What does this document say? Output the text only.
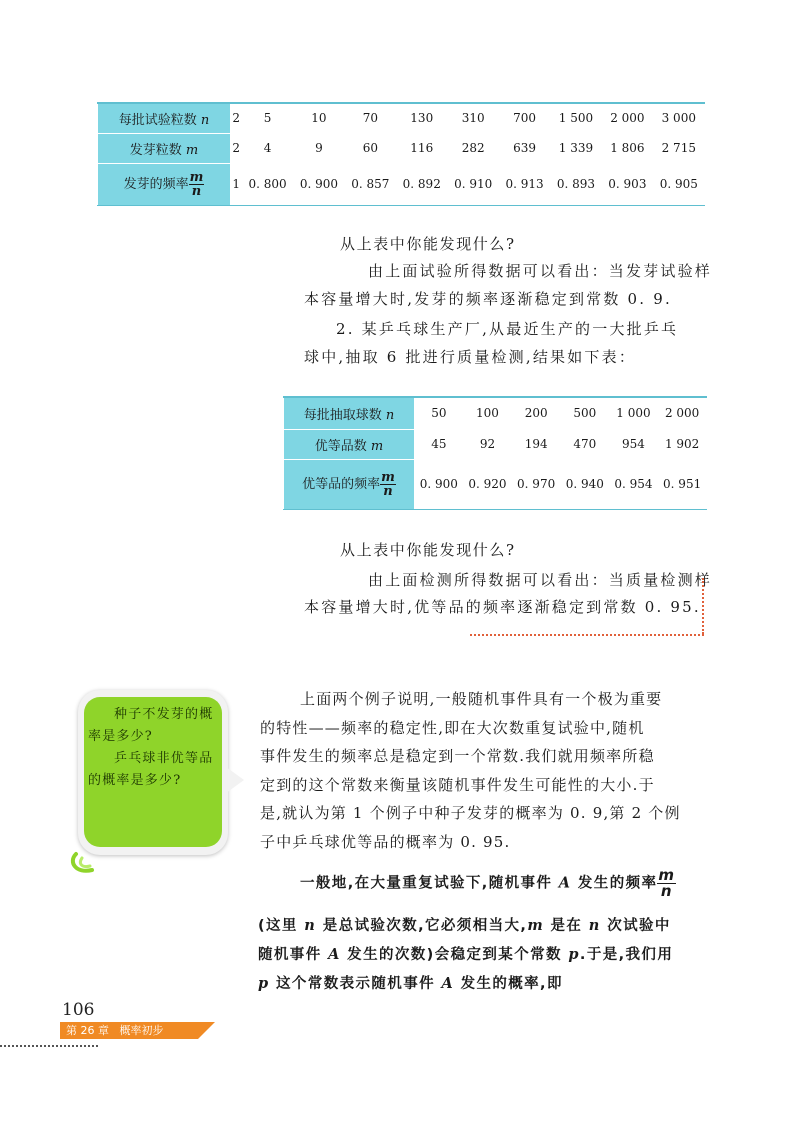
每批试验粒数 n	2	5	10	70	130	310	700	1 500	2 000	3 000
发芽粒数 m	2	4	9	60	116	282	639	1 339	1 806	2 715
发芽的频率 $\frac{m}{n}$	1	0. 800	0. 900	0. 857	0. 892	0. 910	0. 913	0. 893	0. 903	0. 905
从上表中你能发现什么?
由上面试验所得数据可以看出：当发芽试验样
本容量增大时,发芽的频率逐渐稳定到常数 0. 9.
2. 某乒乓球生产厂,从最近生产的一大批乒乓
球中,抽取 6 批进行质量检测,结果如下表：
每批抽取球数 n	50	100	200	500	1 000	2 000
优等品数 m	45	92	194	470	954	1 902
优等品的频率 $\frac{m}{n}$	0. 900	0. 920	0. 970	0. 940	0. 954	0. 951
从上表中你能发现什么?
由上面检测所得数据可以看出：当质量检测样
本容量增大时,优等品的频率逐渐稳定到常数 0. 95.

种子不发芽的概率是多少?

乒乓球非优等品的概率是多少?

上面两个例子说明,一般随机事件具有一个极为重要
的特性——频率的稳定性,即在大次数重复试验中,随机
事件发生的频率总是稳定到一个常数.我们就用频率所稳
定到的这个常数来衡量该随机事件发生可能性的大小.于
是,就认为第 1 个例子中种子发芽的概率为 0. 9,第 2 个例
子中乒乓球优等品的概率为 0. 95.
一般地,在大量重复试验下,随机事件 A 发生的频率 $\frac{m}{n}$
(这里 n 是总试验次数,它必须相当大,m 是在 n 次试验中
随机事件 A 发生的次数)会稳定到某个常数 p.于是,我们用
p 这个常数表示随机事件 A 发生的概率,即
106
第 26 章   概率初步
